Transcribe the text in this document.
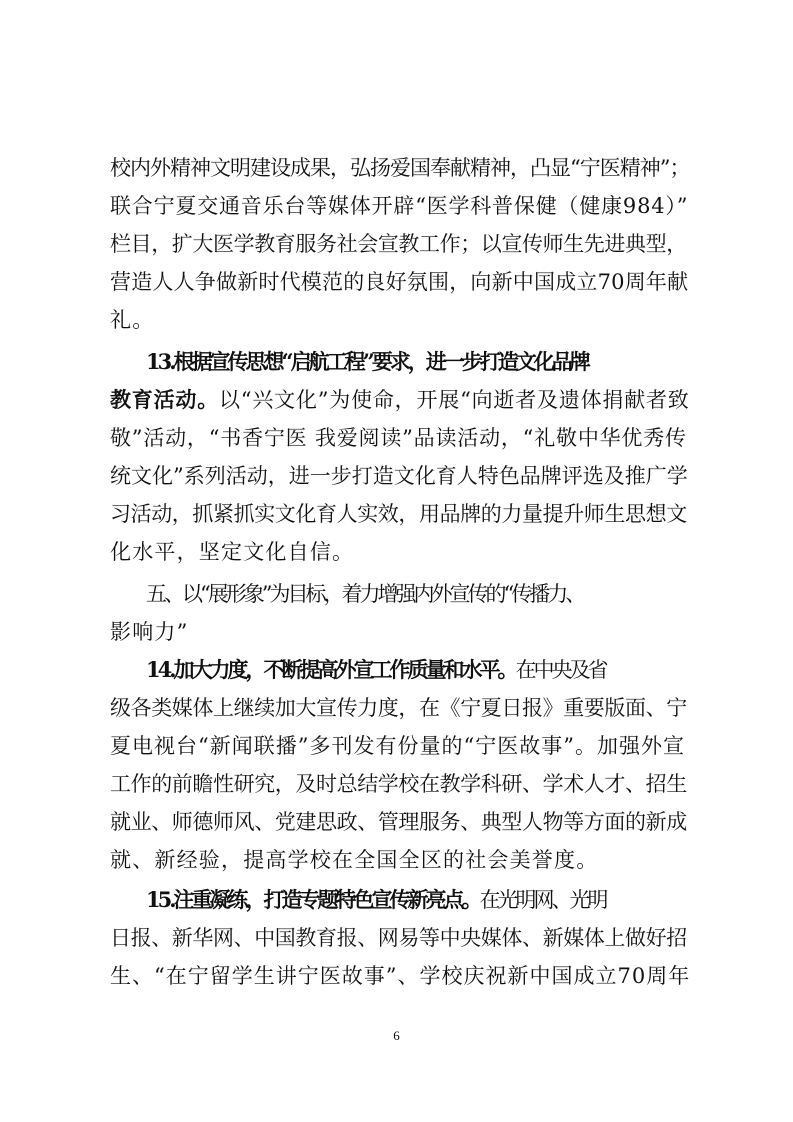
校内外精神文明建设成果，弘扬爱国奉献精神，凸显“宁医精神”；
联合宁夏交通音乐台等媒体开辟“医学科普保健（健康984）”
栏目，扩大医学教育服务社会宣教工作；以宣传师生先进典型，
营造人人争做新时代模范的良好氛围，向新中国成立70周年献
礼。
13.根据宣传思想“启航工程”要求，进一步打造文化品牌
教育活动。以“兴文化”为使命，开展“向逝者及遗体捐献者致
敬”活动，“书香宁医 我爱阅读”品读活动，“礼敬中华优秀传
统文化”系列活动，进一步打造文化育人特色品牌评选及推广学
习活动，抓紧抓实文化育人实效，用品牌的力量提升师生思想文
化水平，坚定文化自信。
五、以“展形象”为目标，着力增强内外宣传的“传播力、
影响力”
14.加大力度，不断提高外宣工作质量和水平。在中央及省
级各类媒体上继续加大宣传力度，在《宁夏日报》重要版面、宁
夏电视台“新闻联播”多刊发有份量的“宁医故事”。加强外宣
工作的前瞻性研究，及时总结学校在教学科研、学术人才、招生
就业、师德师风、党建思政、管理服务、典型人物等方面的新成
就、新经验，提高学校在全国全区的社会美誉度。
15.注重凝练，打造专题特色宣传新亮点。在光明网、光明
日报、新华网、中国教育报、网易等中央媒体、新媒体上做好招
生、“在宁留学生讲宁医故事”、学校庆祝新中国成立70周年
6
